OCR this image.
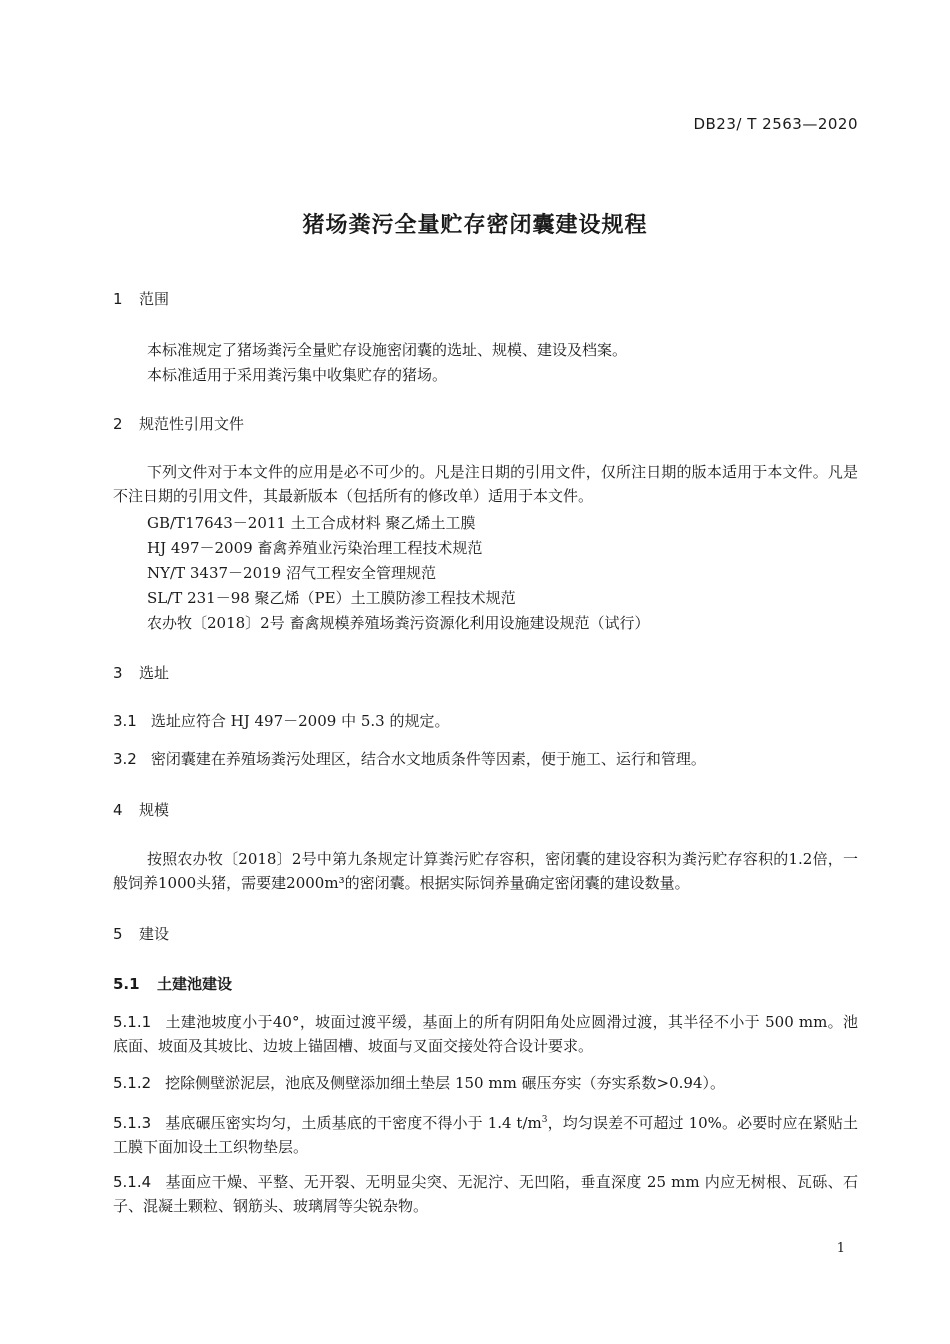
DB23/ T 2563—2020
猪场粪污全量贮存密闭囊建设规程
1 范围
本标准规定了猪场粪污全量贮存设施密闭囊的选址、规模、建设及档案。
本标准适用于采用粪污集中收集贮存的猪场。
2 规范性引用文件
下列文件对于本文件的应用是必不可少的。凡是注日期的引用文件，仅所注日期的版本适用于本文件。凡是不注日期的引用文件，其最新版本（包括所有的修改单）适用于本文件。
GB/T17643－2011 土工合成材料 聚乙烯土工膜
HJ 497－2009 畜禽养殖业污染治理工程技术规范
NY/T 3437－2019 沼气工程安全管理规范
SL/T 231－98 聚乙烯（PE）土工膜防渗工程技术规范
农办牧〔2018〕2号 畜禽规模养殖场粪污资源化利用设施建设规范（试行）
3 选址
3.1 选址应符合 HJ 497－2009 中 5.3 的规定。
3.2 密闭囊建在养殖场粪污处理区，结合水文地质条件等因素，便于施工、运行和管理。
4 规模
按照农办牧〔2018〕2号中第九条规定计算粪污贮存容积，密闭囊的建设容积为粪污贮存容积的1.2倍，一般饲养1000头猪，需要建2000m³的密闭囊。根据实际饲养量确定密闭囊的建设数量。
5 建设
5.1 土建池建设
5.1.1 土建池坡度小于40°，坡面过渡平缓，基面上的所有阴阳角处应圆滑过渡，其半径不小于 500 mm。池底面、坡面及其坡比、边坡上锚固槽、坡面与叉面交接处符合设计要求。
5.1.2 挖除侧壁淤泥层，池底及侧壁添加细土垫层 150 mm 碾压夯实（夯实系数>0.94）。
5.1.3 基底碾压密实均匀，土质基底的干密度不得小于 1.4 $t/m^3$，均匀误差不可超过 10%。必要时应在紧贴土工膜下面加设土工织物垫层。
5.1.4 基面应干燥、平整、无开裂、无明显尖突、无泥泞、无凹陷，垂直深度 25 mm 内应无树根、瓦砾、石子、混凝土颗粒、钢筋头、玻璃屑等尖锐杂物。
1
